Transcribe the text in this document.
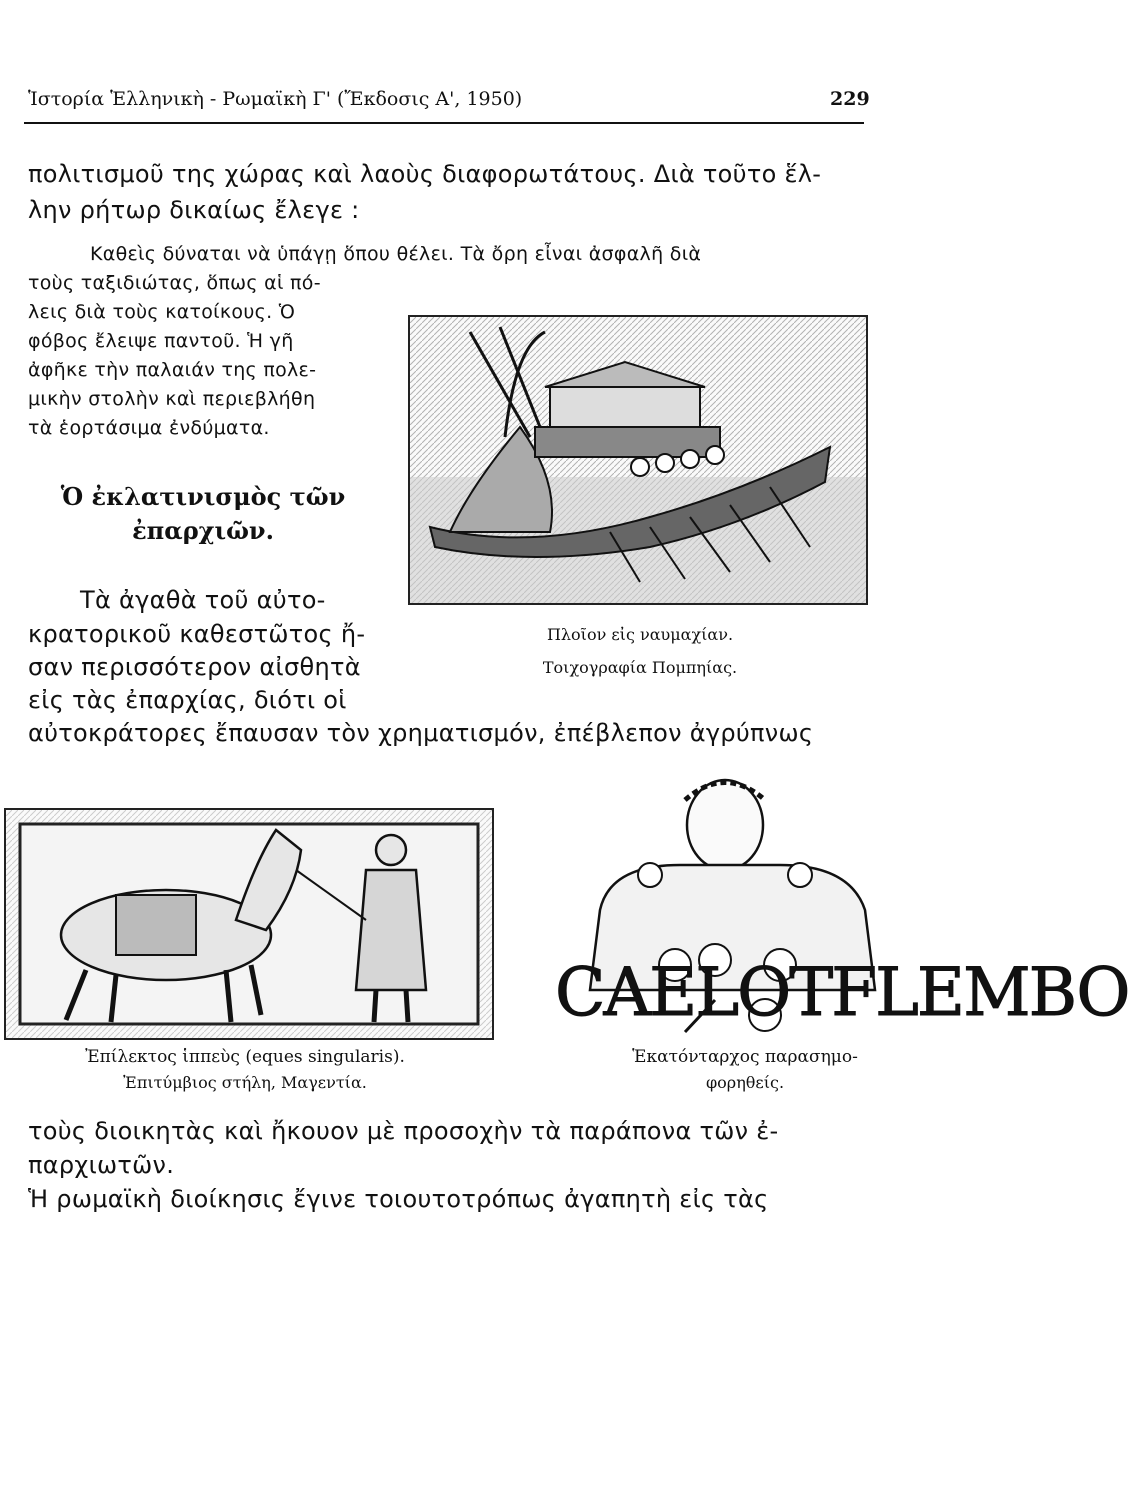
Ἱστορία Ἑλληνικὴ - Ρωμαϊκὴ Γ' (Ἔκδοσις Α', 1950)	229
πολιτισμοῦ της χώρας καὶ λαοὺς διαφορωτάτους. Διὰ τοῦτο ἕλ-
λην ρήτωρ δικαίως ἔλεγε :
Καθεὶς δύναται νὰ ὑπάγῃ ὅπου θέλει. Τὰ ὄρη εἶναι ἀσφαλῆ διὰ
τοὺς ταξιδιώτας, ὅπως αἱ πό-
λεις διὰ τοὺς κατοίκους. Ὁ
φόβος ἔλειψε παντοῦ. Ἡ γῆ
ἀφῆκε τὴν παλαιάν της πολε-
μικὴν στολὴν καὶ περιεβλήθη
τὰ ἑορτάσιμα ἐνδύματα.
Ὁ ἐκλατινισμὸς τῶν
ἐπαρχιῶν.
Τὰ ἀγαθὰ τοῦ αὐτο-
κρατορικοῦ καθεστῶτος ἤ-
σαν περισσότερον αἰσθητὰ
εἰς τὰς ἐπαρχίας, διότι οἱ
αὐτοκράτορες ἔπαυσαν τὸν χρηματισμόν, ἐπέβλεπον ἀγρύπνως
Πλοῖον εἰς ναυμαχίαν.
Τοιχογραφία Πομπηίας.
Ἐπίλεκτος ἱππεὺς (eques singularis).
Ἐπιτύμβιος στήλη, Μαγεντία.
CAELOTFLEMBO
Ἑκατόνταρχος παρασημο-
φορηθείς.
τοὺς διοικητὰς καὶ ἤκουον μὲ προσοχὴν τὰ παράπονα τῶν ἐ-
παρχιωτῶν.
Ἡ ρωμαϊκὴ διοίκησις ἔγινε τοιουτοτρόπως ἀγαπητὴ εἰς τὰς
